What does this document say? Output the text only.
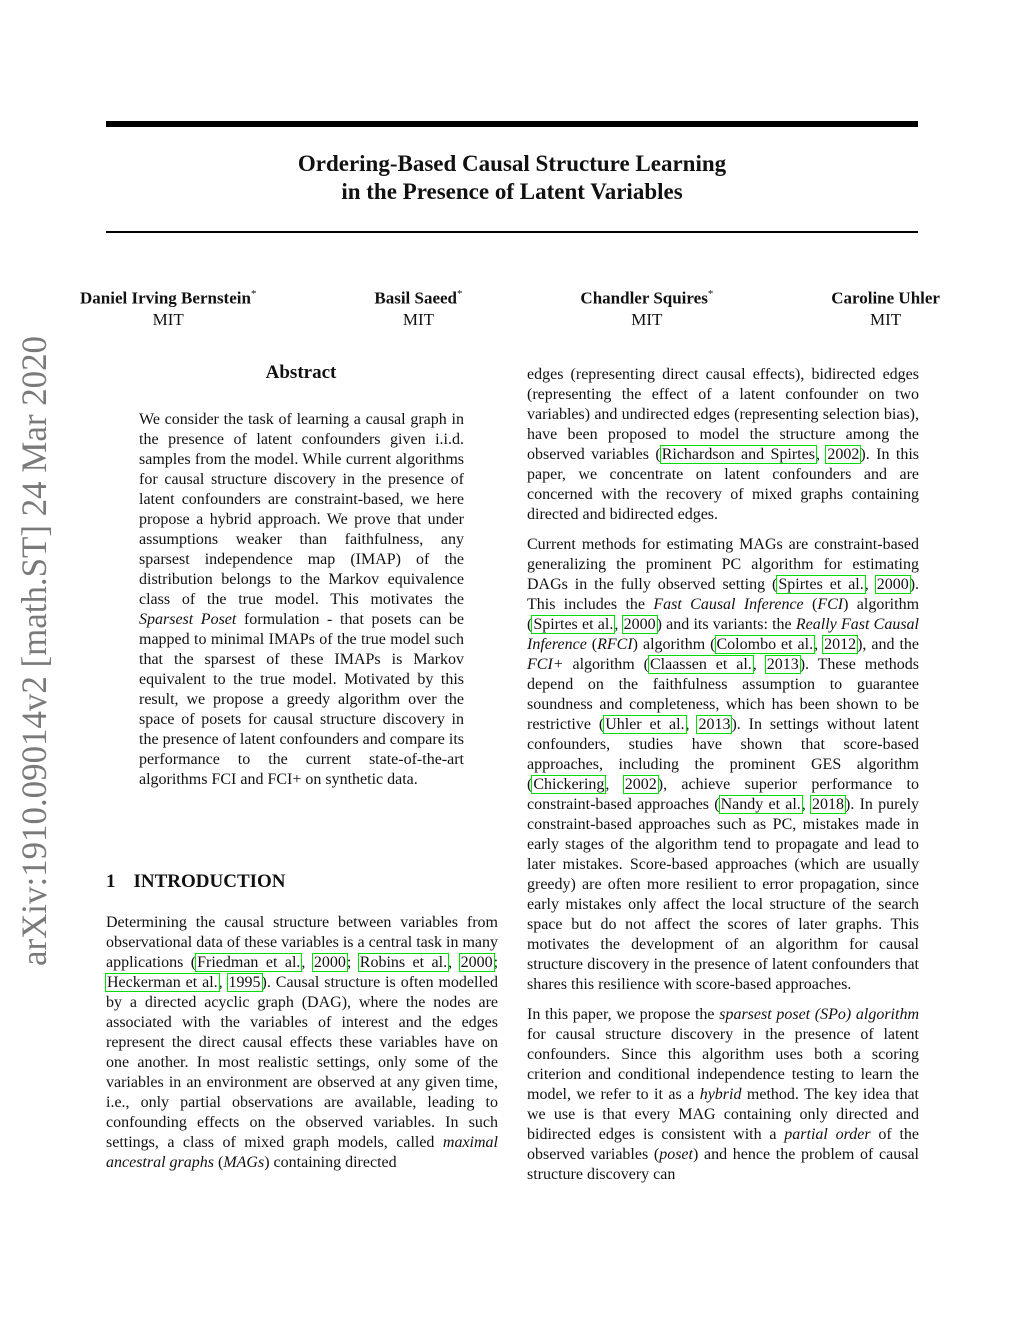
arXiv:1910.09014v2 [math.ST] 24 Mar 2020
Ordering-Based Causal Structure Learning
in the Presence of Latent Variables
Daniel Irving Bernstein*
MIT
Basil Saeed*
MIT
Chandler Squires*
MIT
Caroline Uhler
MIT
Abstract
We consider the task of learning a causal graph in the presence of latent confounders given i.i.d. samples from the model. While current algorithms for causal structure discovery in the presence of latent confounders are constraint-based, we here propose a hybrid approach. We prove that under assumptions weaker than faithfulness, any sparsest independence map (IMAP) of the distribution belongs to the Markov equivalence class of the true model. This motivates the Sparsest Poset formulation - that posets can be mapped to minimal IMAPs of the true model such that the sparsest of these IMAPs is Markov equivalent to the true model. Motivated by this result, we propose a greedy algorithm over the space of posets for causal structure discovery in the presence of latent confounders and compare its performance to the current state-of-the-art algorithms FCI and FCI+ on synthetic data.
1 INTRODUCTION
Determining the causal structure between variables from observational data of these variables is a central task in many applications (Friedman et al., 2000; Robins et al., 2000; Heckerman et al., 1995). Causal structure is often modelled by a directed acyclic graph (DAG), where the nodes are associated with the variables of interest and the edges represent the direct causal effects these variables have on one another. In most realistic settings, only some of the variables in an environment are observed at any given time, i.e., only partial observations are available, leading to confounding effects on the observed variables. In such settings, a class of mixed graph models, called maximal ancestral graphs (MAGs) containing directed

edges (representing direct causal effects), bidirected edges (representing the effect of a latent confounder on two variables) and undirected edges (representing selection bias), have been proposed to model the structure among the observed variables (Richardson and Spirtes, 2002). In this paper, we concentrate on latent confounders and are concerned with the recovery of mixed graphs containing directed and bidirected edges.

Current methods for estimating MAGs are constraint-based generalizing the prominent PC algorithm for estimating DAGs in the fully observed setting (Spirtes et al., 2000). This includes the Fast Causal Inference (FCI) algorithm (Spirtes et al., 2000) and its variants: the Really Fast Causal Inference (RFCI) algorithm (Colombo et al., 2012), and the FCI+ algorithm (Claassen et al., 2013). These methods depend on the faithfulness assumption to guarantee soundness and completeness, which has been shown to be restrictive (Uhler et al., 2013). In settings without latent confounders, studies have shown that score-based approaches, including the prominent GES algorithm (Chickering, 2002), achieve superior performance to constraint-based approaches (Nandy et al., 2018). In purely constraint-based approaches such as PC, mistakes made in early stages of the algorithm tend to propagate and lead to later mistakes. Score-based approaches (which are usually greedy) are often more resilient to error propagation, since early mistakes only affect the local structure of the search space but do not affect the scores of later graphs. This motivates the development of an algorithm for causal structure discovery in the presence of latent confounders that shares this resilience with score-based approaches.

In this paper, we propose the sparsest poset (SPo) algorithm for causal structure discovery in the presence of latent confounders. Since this algorithm uses both a scoring criterion and conditional independence testing to learn the model, we refer to it as a hybrid method. The key idea that we use is that every MAG containing only directed and bidirected edges is consistent with a partial order of the observed variables (poset) and hence the problem of causal structure discovery can
